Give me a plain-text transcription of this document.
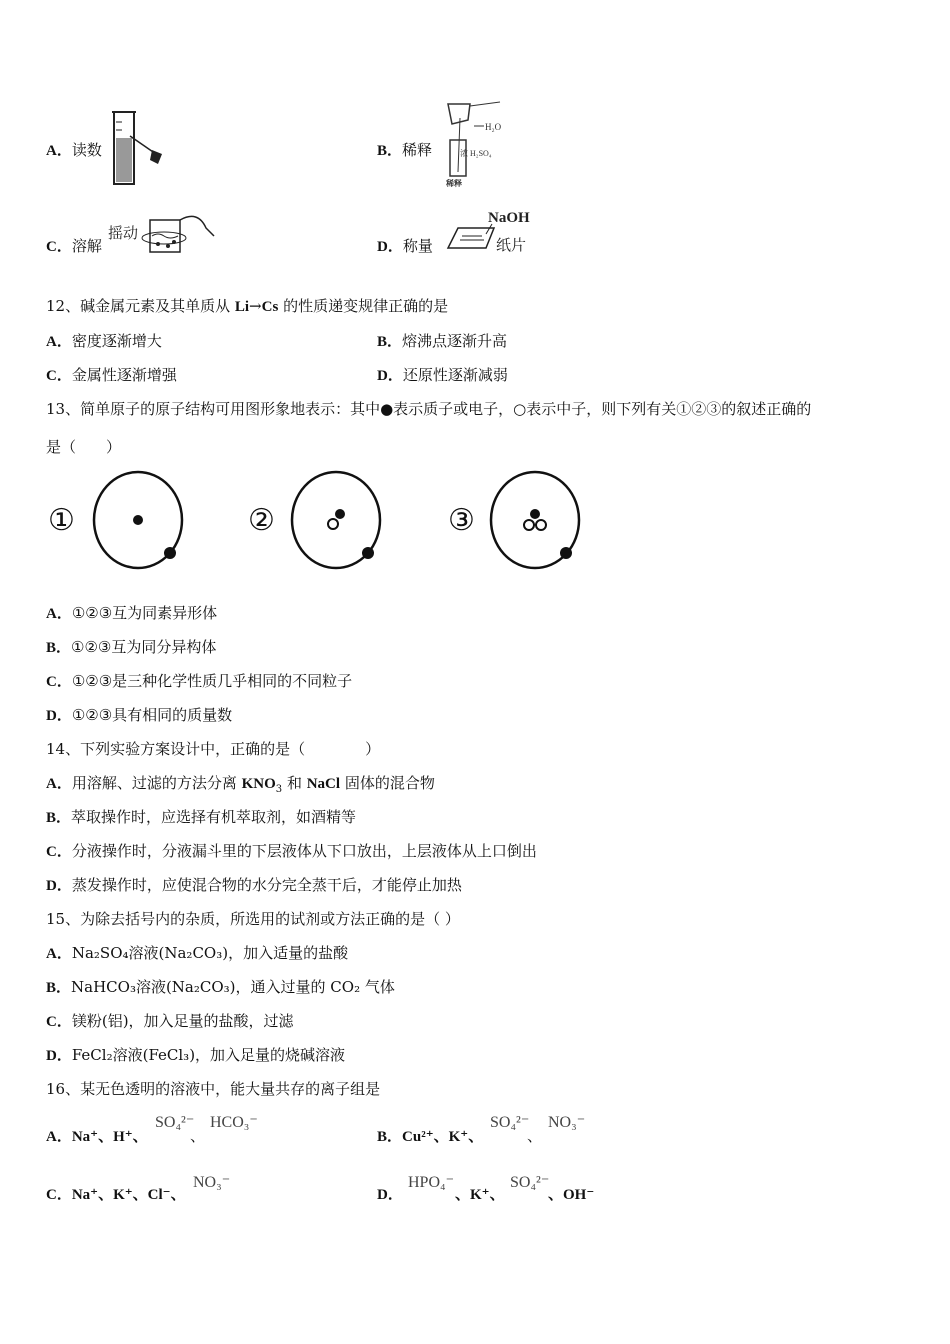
A．读数	B．稀释
H₂O
浓 H₂SO₄
稀释
C．溶解
摇动
D．称量
NaOH
纸片
12、碱金属元素及其单质从 Li→Cs 的性质递变规律正确的是
A．密度逐渐增大	B．熔沸点逐渐升高
C．金属性逐渐增强	D．还原性逐渐减弱
13、简单原子的原子结构可用图形象地表示：其中●表示质子或电子，○表示中子，则下列有关①②③的叙述正确的
是（　　）
①	②	③
A．①②③互为同素异形体
B．①②③互为同分异构体
C．①②③是三种化学性质几乎相同的不同粒子
D．①②③具有相同的质量数
14、下列实验方案设计中，正确的是（　　　　）
A．用溶解、过滤的方法分离 $KNO_3$ 和 NaCl 固体的混合物
B．萃取操作时，应选择有机萃取剂，如酒精等
C．分液操作时，分液漏斗里的下层液体从下口放出，上层液体从上口倒出
D．蒸发操作时，应使混合物的水分完全蒸干后，才能停止加热
15、为除去括号内的杂质，所选用的试剂或方法正确的是（ ）
A．Na₂SO₄溶液(Na₂CO₃)，加入适量的盐酸
B．NaHCO₃溶液(Na₂CO₃)，通入过量的 CO₂ 气体
C．镁粉(铝)，加入足量的盐酸，过滤
D．FeCl₂溶液(FeCl₃)，加入足量的烧碱溶液
16、某无色透明的溶液中，能大量共存的离子组是
A．Na⁺、H⁺、
SO₄²⁻
、
HCO₃⁻
B．Cu²⁺、K⁺、
SO₄²⁻
、
NO₃⁻
C．Na⁺、K⁺、Cl⁻、
NO₃⁻
D．
HPO₄⁻
、K⁺、
SO₄²⁻
、OH⁻
